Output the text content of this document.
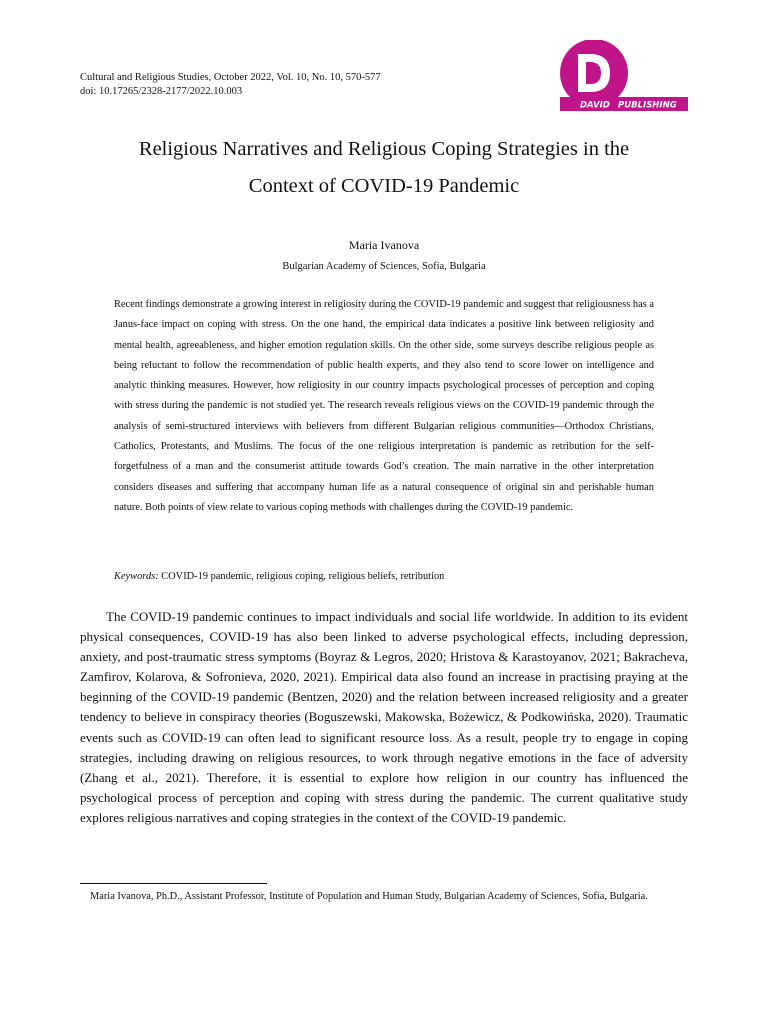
Cultural and Religious Studies, October 2022, Vol. 10, No. 10, 570-577
doi: 10.17265/2328-2177/2022.10.003
DAVID PUBLISHING
Religious Narratives and Religious Coping Strategies in the
Context of COVID-19 Pandemic
Maria Ivanova
Bulgarian Academy of Sciences, Sofia, Bulgaria

Recent findings demonstrate a growing interest in religiosity during the COVID-19 pandemic and suggest that religiousness has a Janus-face impact on coping with stress. On the one hand, the empirical data indicates a positive link between religiosity and mental health, agreeableness, and higher emotion regulation skills. On the other side, some surveys describe religious people as being reluctant to follow the recommendation of public health experts, and they also tend to score lower on intelligence and analytic thinking measures. However, how religiosity in our country impacts psychological processes of perception and coping with stress during the pandemic is not studied yet. The research reveals religious views on the COVID-19 pandemic through the analysis of semi-structured interviews with believers from different Bulgarian religious communities—Orthodox Christians, Catholics, Protestants, and Muslims. The focus of the one religious interpretation is pandemic as retribution for the self-forgetfulness of a man and the consumerist attitude towards God’s creation. The main narrative in the other interpretation considers diseases and suffering that accompany human life as a natural consequence of original sin and perishable human nature. Both points of view relate to various coping methods with challenges during the COVID-19 pandemic.

Keywords: COVID-19 pandemic, religious coping, religious beliefs, retribution

The COVID-19 pandemic continues to impact individuals and social life worldwide. In addition to its evident physical consequences, COVID-19 has also been linked to adverse psychological effects, including depression, anxiety, and post-traumatic stress symptoms (Boyraz & Legros, 2020; Hristova & Karastoyanov, 2021; Bakracheva, Zamfirov, Kolarova, & Sofronieva, 2020, 2021). Empirical data also found an increase in practising praying at the beginning of the COVID-19 pandemic (Bentzen, 2020) and the relation between increased religiosity and a greater tendency to believe in conspiracy theories (Boguszewski, Makowska, Bożewicz, & Podkowińska, 2020). Traumatic events such as COVID-19 can often lead to significant resource loss. As a result, people try to engage in coping strategies, including drawing on religious resources, to work through negative emotions in the face of adversity (Zhang et al., 2021). Therefore, it is essential to explore how religion in our country has influenced the psychological process of perception and coping with stress during the pandemic. The current qualitative study explores religious narratives and coping strategies in the context of the COVID-19 pandemic.

Maria Ivanova, Ph.D., Assistant Professor, Institute of Population and Human Study, Bulgarian Academy of Sciences, Sofia, Bulgaria.
